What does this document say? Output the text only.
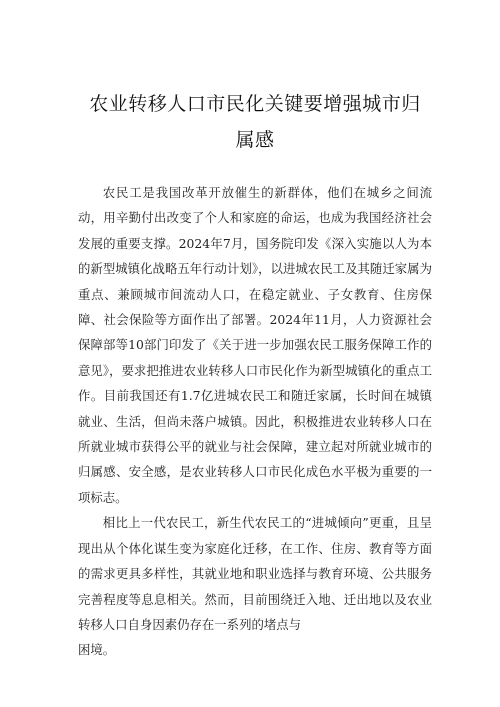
农业转移人口市民化关键要增强城市归属感

农民工是我国改革开放催生的新群体，他们在城乡之间流动，用辛勤付出改变了个人和家庭的命运，也成为我国经济社会发展的重要支撑。2024年7月，国务院印发《深入实施以人为本的新型城镇化战略五年行动计划》，以进城农民工及其随迁家属为重点、兼顾城市间流动人口，在稳定就业、子女教育、住房保障、社会保险等方面作出了部署。2024年11月，人力资源社会保障部等10部门印发了《关于进一步加强农民工服务保障工作的意见》，要求把推进农业转移人口市民化作为新型城镇化的重点工作。目前我国还有1.7亿进城农民工和随迁家属，长时间在城镇就业、生活，但尚未落户城镇。因此，积极推进农业转移人口在所就业城市获得公平的就业与社会保障，建立起对所就业城市的归属感、安全感，是农业转移人口市民化成色水平极为重要的一项标志。

相比上一代农民工，新生代农民工的“进城倾向”更重，且呈现出从个体化谋生变为家庭化迁移，在工作、住房、教育等方面的需求更具多样性，其就业地和职业选择与教育环境、公共服务完善程度等息息相关。然而，目前围绕迁入地、迁出地以及农业转移人口自身因素仍存在一系列的堵点与

困境。
